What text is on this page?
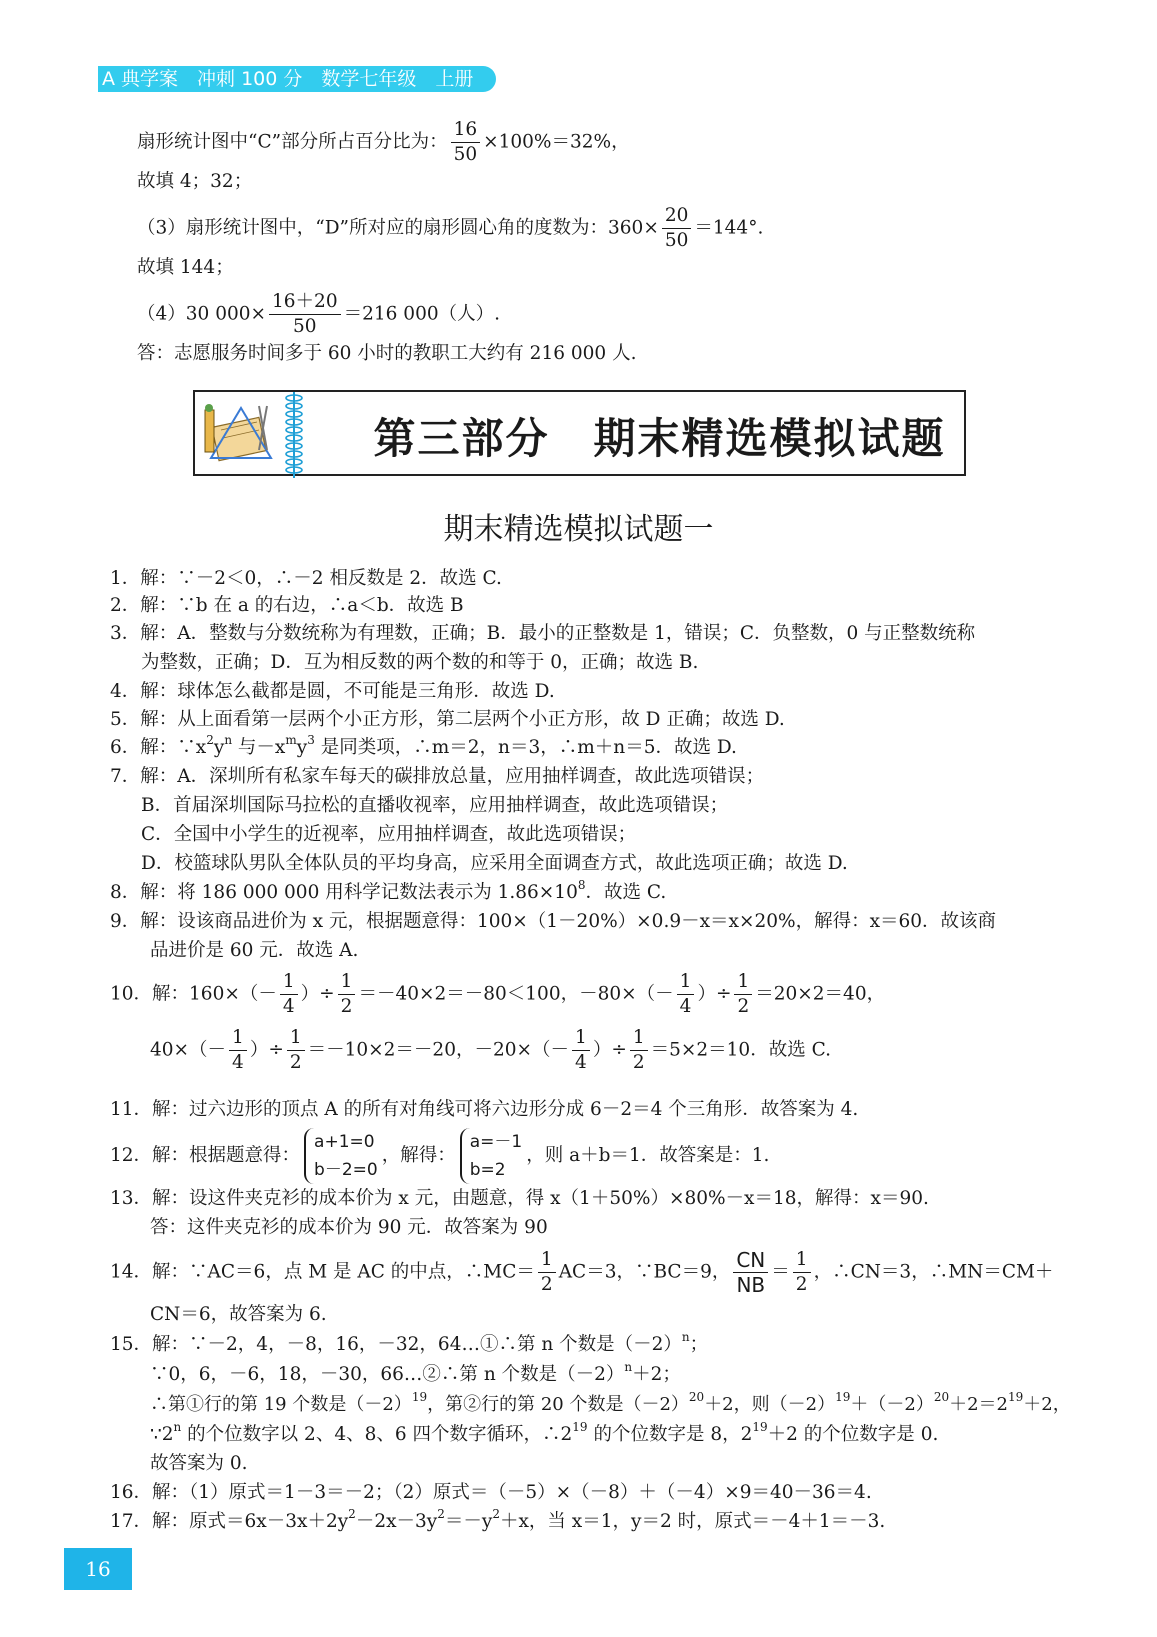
A 典学案　冲刺 100 分　数学七年级　上册
扇形统计图中“C”部分所占百分比为： $\frac{16}{50} \times 100\%=32\%$，
故填 4；32；
（3）扇形统计图中，“D”所对应的扇形圆心角的度数为：$360\times \frac{20}{50} =144^\circ$.
故填 144；
（4）30 $000\times \frac{16+20}{50} =216$ 000（人）.
答：志愿服务时间多于 60 小时的教职工大约有 216 000 人.
第三部分　期末精选模拟试题
期末精选模拟试题一
1．解：∵－2＜0，∴－2 相反数是 2．故选 C.
2．解：∵b 在 a 的右边，∴a＜b．故选 B
3．解：A．整数与分数统称为有理数，正确；B．最小的正整数是 1，错误；C．负整数，0 与正整数统称
为整数，正确；D．互为相反数的两个数的和等于 0，正确；故选 B.
4．解：球体怎么截都是圆，不可能是三角形．故选 D.
5．解：从上面看第一层两个小正方形，第二层两个小正方形，故 D 正确；故选 D.
6．解：$\because x^2y^n$ 与$-x^my^3$ 是同类项，∴m＝2，n＝3，∴m＋n＝5．故选 D.
7．解：A．深圳所有私家车每天的碳排放总量，应用抽样调查，故此选项错误；
B．首届深圳国际马拉松的直播收视率，应用抽样调查，故此选项错误；
C．全国中小学生的近视率，应用抽样调查，故此选项错误；
D．校篮球队男队全体队员的平均身高，应采用全面调查方式，故此选项正确；故选 D.
8．解：将 186 000 000 用科学记数法表示为 $1.86\times 10^8$．故选 C.
9．解：设该商品进价为 x 元，根据题意得：100×（1－20%）×0.9－x＝x×20%，解得：x＝60．故该商
品进价是 60 元．故选 A.
10．解：$160\times(- \frac{1}{4}$ ）÷ $\frac{1}{2} =-40\times 2=-80<100$，$-80\times(- \frac{1}{4}$ ）÷ $\frac{1}{2} =20\times 2=40$，
$40\times(- \frac{1}{4}$ ）÷ $\frac{1}{2} =-10\times 2=-20$，$-20\times(- \frac{1}{4}$ ）÷ $\frac{1}{2} =5\times 2=10$．故选 C.
11．解：过六边形的顶点 A 的所有对角线可将六边形分成 6－2＝4 个三角形．故答案为 4.
12．解：根据题意得：
a+1=0
b－2=0
，解得：
a=－1
b=2
，则 a＋b＝1．故答案是：1.
13．解：设这件夹克衫的成本价为 x 元，由题意，得 x（1＋50%）×80%－x＝18，解得：x＝90.
答：这件夹克衫的成本价为 90 元．故答案为 90
14．解：∵AC＝6，点 M 是 AC 的中点，∴MC＝ $\frac{1}{2} AC=3$，∵BC＝9， $\frac{CN}{NB} = \frac{1}{2}$ ，∴CN＝3，∴MN＝CM＋
CN＝6，故答案为 6.
15．解：∵－2，4，－8，16，－32，64…①∴第 n 个数是$(-2)^n$；
∵0，6，－6，18，－30，66…②∴第 n 个数是$(-2)^n+2$；
∴第①行的第 19 个数是$(-2)^{19}$，第②行的第 20 个数是$(-2)^{20}+2$，则$(-2)^{19}+(-2)^{20}+2=2^{19}+2$，
∵2$^n$ 的个位数字以 2、4、8、6 四个数字循环，$\therefore 2^{19}$ 的个位数字是 8，$2^{19}+2$ 的个位数字是 0.
故答案为 0.
16．解：（1）原式＝1－3＝－2；（2）原式＝（－5）×（－8）＋（－4）×9＝40－36＝4.
17．解：原式$=6x-3x+2y^2-2x-3y^2=-y^2+x$，当 x＝1，y＝2 时，原式＝－4＋1＝－3.
16
